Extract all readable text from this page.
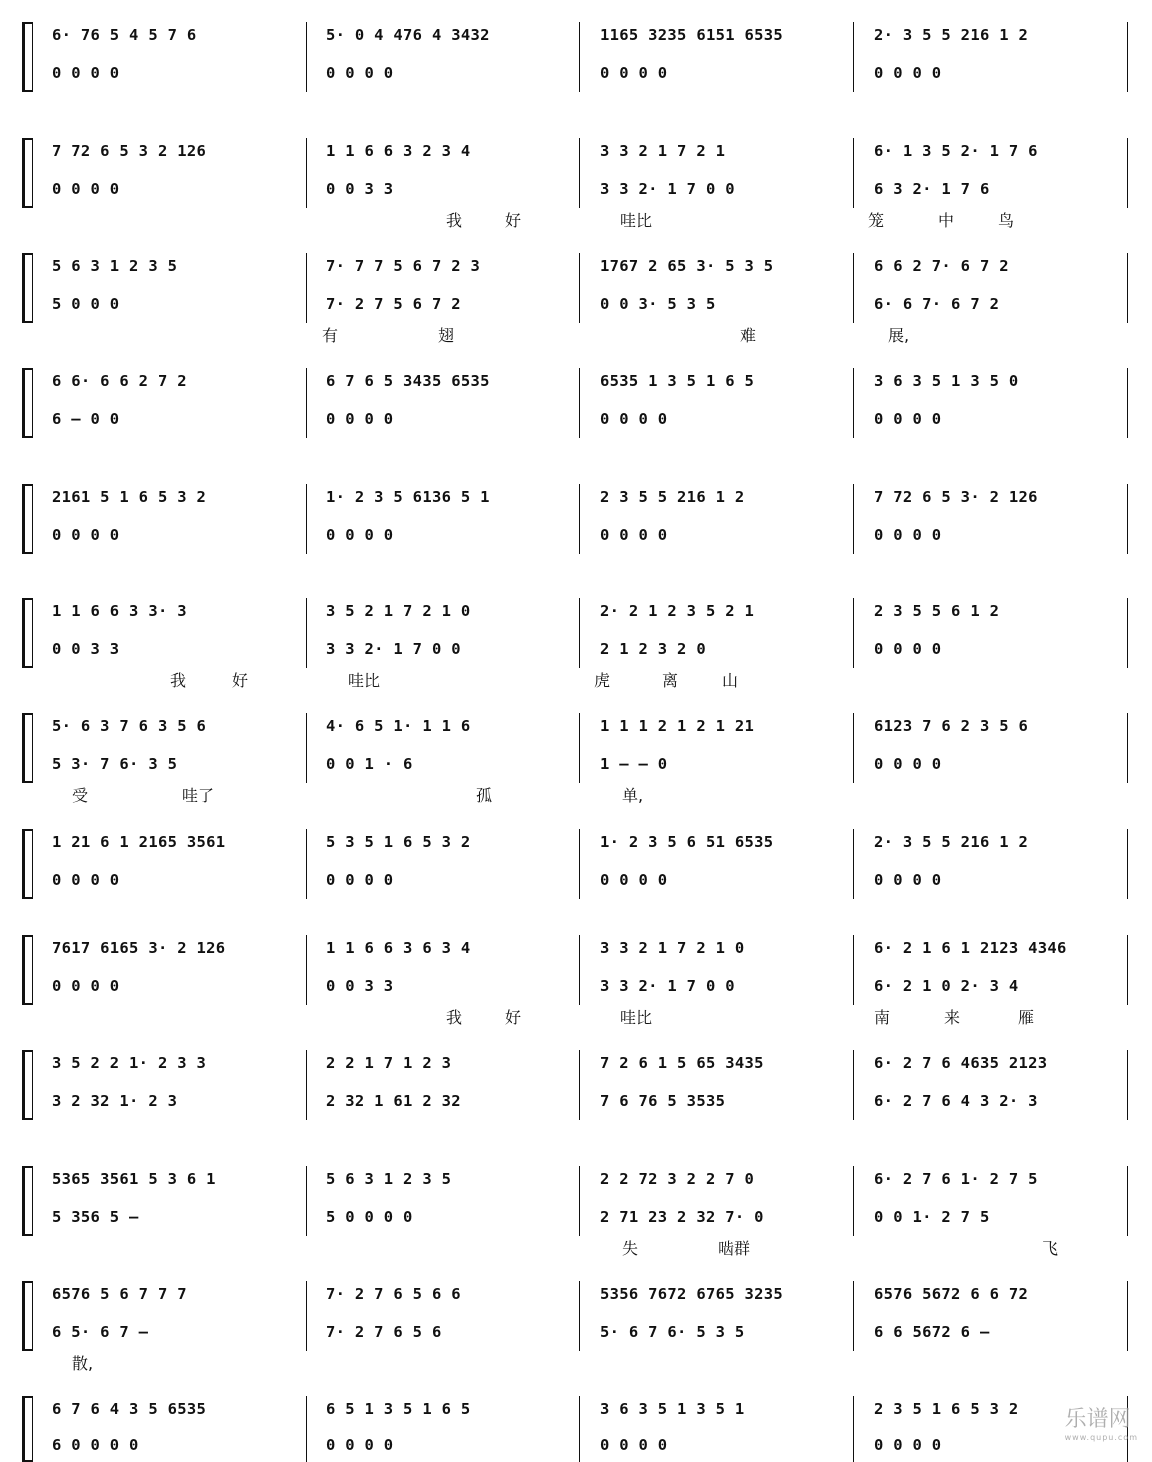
6· 76 5 4 5 7 6	5· 0 4 476 4 3432	1165 3235 6151 6535	2· 3 5 5 216 1 2
0 0 0 0	0 0 0 0	0 0 0 0	0 0 0 0
7 72 6 5 3 2 126	1 1 6 6 3 2 3 4	3 3 2 1 7 2 1	6· 1 3 5 2· 1 7 6
0 0 0 0	0 0 3 3	3 3 2· 1 7 0 0	6 3 2· 1 7 6
我	好	哇比	笼	中	鸟
5 6 3 1 2 3 5	7· 7 7 5 6 7 2 3	1767 2 65 3· 5 3 5	6 6 2 7· 6 7 2
5 0 0 0	7· 2 7 5 6 7 2	0 0 3· 5 3 5	6· 6 7· 6 7 2
有	翅	难	展,
6 6· 6 6 2 7 2	6 7 6 5 3435 6535	6535 1 3 5 1 6 5	3 6 3 5 1 3 5 0
6 – 0 0	0 0 0 0	0 0 0 0	0 0 0 0
2161 5 1 6 5 3 2	1· 2 3 5 6136 5 1	2 3 5 5 216 1 2	7 72 6 5 3· 2 126
0 0 0 0	0 0 0 0	0 0 0 0	0 0 0 0
1 1 6 6 3 3· 3	3 5 2 1 7 2 1 0	2· 2 1 2 3 5 2 1	2 3 5 5 6 1 2
0 0 3 3	3 3 2· 1 7 0 0	2 1 2 3 2 0	0 0 0 0
我	好	哇比	虎	离	山
5· 6 3 7 6 3 5 6	4· 6 5 1· 1 1 6	1 1 1 2 1 2 1 21	6123 7 6 2 3 5 6
5 3· 7 6· 3 5	0 0 1 · 6	1 – – 0	0 0 0 0
受	哇了	孤	单,
1 21 6 1 2165 3561	5 3 5 1 6 5 3 2	1· 2 3 5 6 51 6535	2· 3 5 5 216 1 2
0 0 0 0	0 0 0 0	0 0 0 0	0 0 0 0
7617 6165 3· 2 126	1 1 6 6 3 6 3 4	3 3 2 1 7 2 1 0	6· 2 1 6 1 2123 4346
0 0 0 0	0 0 3 3	3 3 2· 1 7 0 0	6· 2 1 0 2· 3 4
我	好	哇比	南	来	雁
3 5 2 2 1· 2 3 3	2 2 1 7 1 2 3	7 2 6 1 5 65 3435	6· 2 7 6 4635 2123
3 2 32 1· 2 3	2 32 1 61 2 32	7 6 76 5 3535	6· 2 7 6 4 3 2· 3
5365 3561 5 3 6 1	5 6 3 1 2 3 5	2 2 72 3 2 2 7 0	6· 2 7 6 1· 2 7 5
5 356 5 –	5 0 0 0 0	2 71 23 2 32 7· 0	0 0 1· 2 7 5
失	啮群	飞
6576 5 6 7 7 7	7· 2 7 6 5 6 6	5356 7672 6765 3235	6576 5672 6 6 72
6 5· 6 7 –	7· 2 7 6 5 6	5· 6 7 6· 5 3 5	6 6 5672 6 –
散,
6 7 6 4 3 5 6535	6 5 1 3 5 1 6 5	3 6 3 5 1 3 5 1	2 3 5 1 6 5 3 2
6 0 0 0 0	0 0 0 0	0 0 0 0	0 0 0 0
乐谱网
www.qupu.com
